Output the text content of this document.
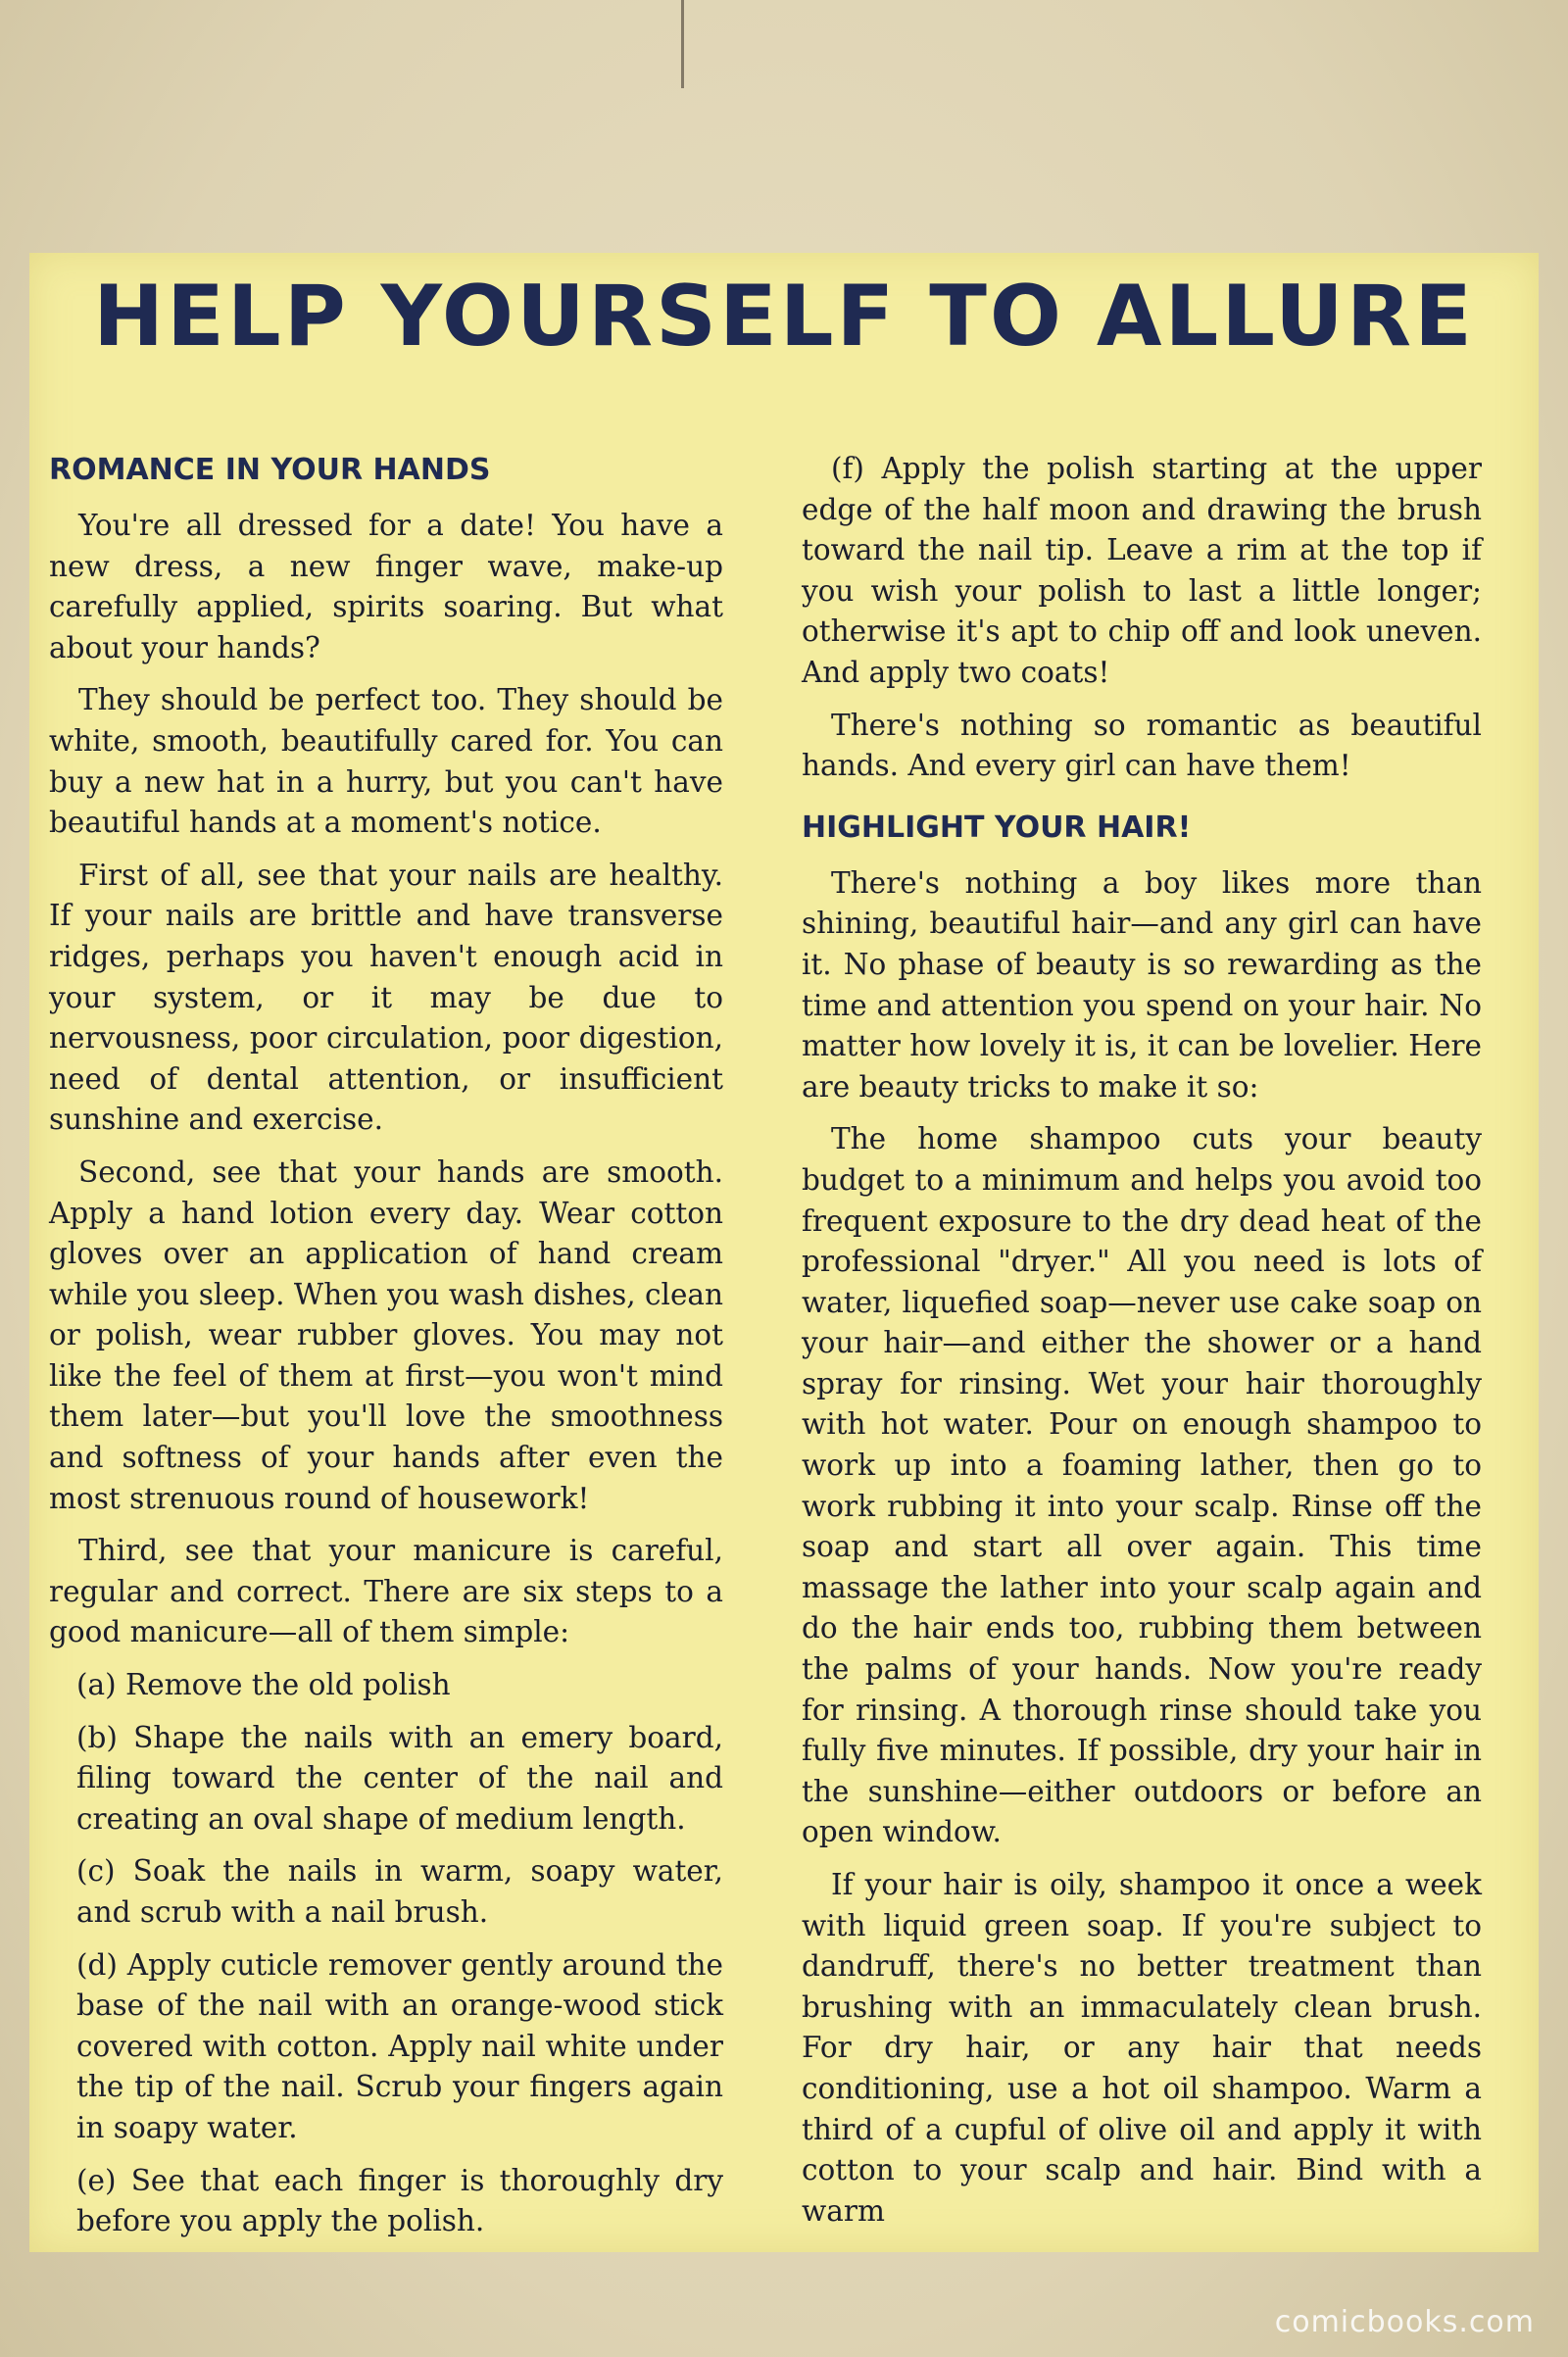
HELP YOURSELF TO ALLURE
ROMANCE IN YOUR HANDS

You're all dressed for a date! You have a new dress, a new finger wave, make-up carefully applied, spirits soaring. But what about your hands?

They should be perfect too. They should be white, smooth, beautifully cared for. You can buy a new hat in a hurry, but you can't have beautiful hands at a moment's notice.

First of all, see that your nails are healthy. If your nails are brittle and have transverse ridges, perhaps you haven't enough acid in your system, or it may be due to nervousness, poor circulation, poor digestion, need of dental attention, or insufficient sunshine and exercise.

Second, see that your hands are smooth. Apply a hand lotion every day. Wear cotton gloves over an application of hand cream while you sleep. When you wash dishes, clean or polish, wear rubber gloves. You may not like the feel of them at first—you won't mind them later—but you'll love the smoothness and softness of your hands after even the most strenuous round of housework!

Third, see that your manicure is careful, regular and correct. There are six steps to a good manicure—all of them simple:

(a) Remove the old polish

(b) Shape the nails with an emery board, filing toward the center of the nail and creating an oval shape of medium length.

(c) Soak the nails in warm, soapy water, and scrub with a nail brush.

(d) Apply cuticle remover gently around the base of the nail with an orange-wood stick covered with cotton. Apply nail white under the tip of the nail. Scrub your fingers again in soapy water.

(e) See that each finger is thoroughly dry before you apply the polish.

(f) Apply the polish starting at the upper edge of the half moon and drawing the brush toward the nail tip. Leave a rim at the top if you wish your polish to last a little longer; otherwise it's apt to chip off and look uneven. And apply two coats!

There's nothing so romantic as beautiful hands. And every girl can have them!

HIGHLIGHT YOUR HAIR!

There's nothing a boy likes more than shining, beautiful hair—and any girl can have it. No phase of beauty is so rewarding as the time and attention you spend on your hair. No matter how lovely it is, it can be lovelier. Here are beauty tricks to make it so:

The home shampoo cuts your beauty budget to a minimum and helps you avoid too frequent exposure to the dry dead heat of the professional "dryer." All you need is lots of water, liquefied soap—never use cake soap on your hair—and either the shower or a hand spray for rinsing. Wet your hair thoroughly with hot water. Pour on enough shampoo to work up into a foaming lather, then go to work rubbing it into your scalp. Rinse off the soap and start all over again. This time massage the lather into your scalp again and do the hair ends too, rubbing them between the palms of your hands. Now you're ready for rinsing. A thorough rinse should take you fully five minutes. If possible, dry your hair in the sunshine—either outdoors or before an open window.

If your hair is oily, shampoo it once a week with liquid green soap. If you're subject to dandruff, there's no better treatment than brushing with an immaculately clean brush. For dry hair, or any hair that needs conditioning, use a hot oil shampoo. Warm a third of a cupful of olive oil and apply it with cotton to your scalp and hair. Bind with a warm

comicbooks.com
